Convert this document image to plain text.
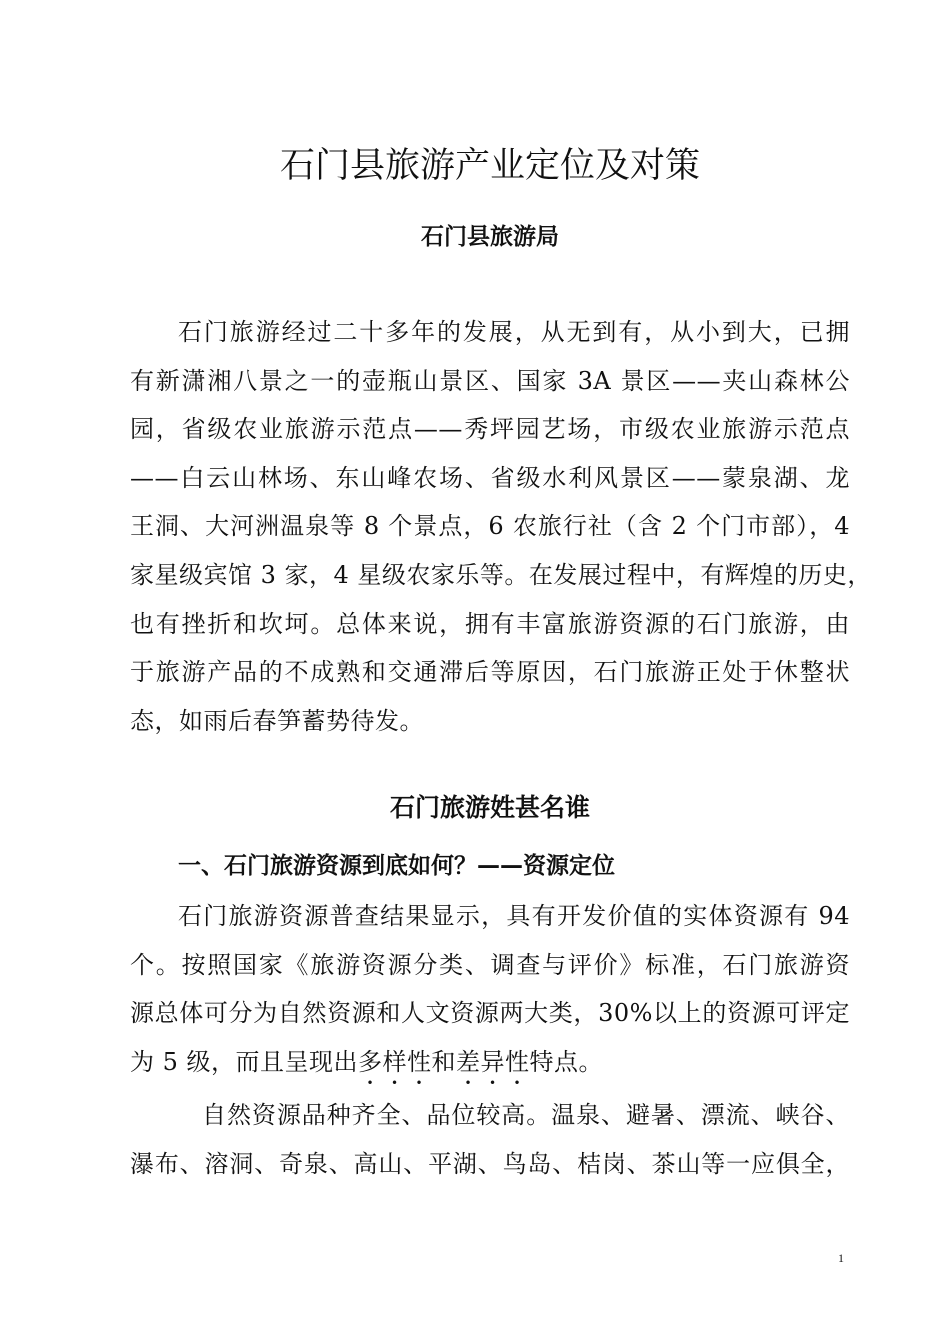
石门县旅游产业定位及对策
石门县旅游局
石门旅游经过二十多年的发展，从无到有，从小到大，已拥
有新潇湘八景之一的壶瓶山景区、国家 3A 景区——夹山森林公
园，省级农业旅游示范点——秀坪园艺场，市级农业旅游示范点
——白云山林场、东山峰农场、省级水利风景区——蒙泉湖、龙
王洞、大河洲温泉等 8 个景点，6 农旅行社（含 2 个门市部），4
家星级宾馆 3 家，4 星级农家乐等。在发展过程中，有辉煌的历史，
也有挫折和坎坷。总体来说，拥有丰富旅游资源的石门旅游，由
于旅游产品的不成熟和交通滞后等原因，石门旅游正处于休整状
态，如雨后春笋蓄势待发。
石门旅游姓甚名谁
一、石门旅游资源到底如何？——资源定位
石门旅游资源普查结果显示，具有开发价值的实体资源有 94
个。按照国家《旅游资源分类、调查与评价》标准，石门旅游资
源总体可分为自然资源和人文资源两大类，30%以上的资源可评定
为 5 级，而且呈现出多样性和差异性特点。
自然资源品种齐全、品位较高。温泉、避暑、漂流、峡谷、
瀑布、溶洞、奇泉、高山、平湖、鸟岛、桔岗、茶山等一应俱全，
1
